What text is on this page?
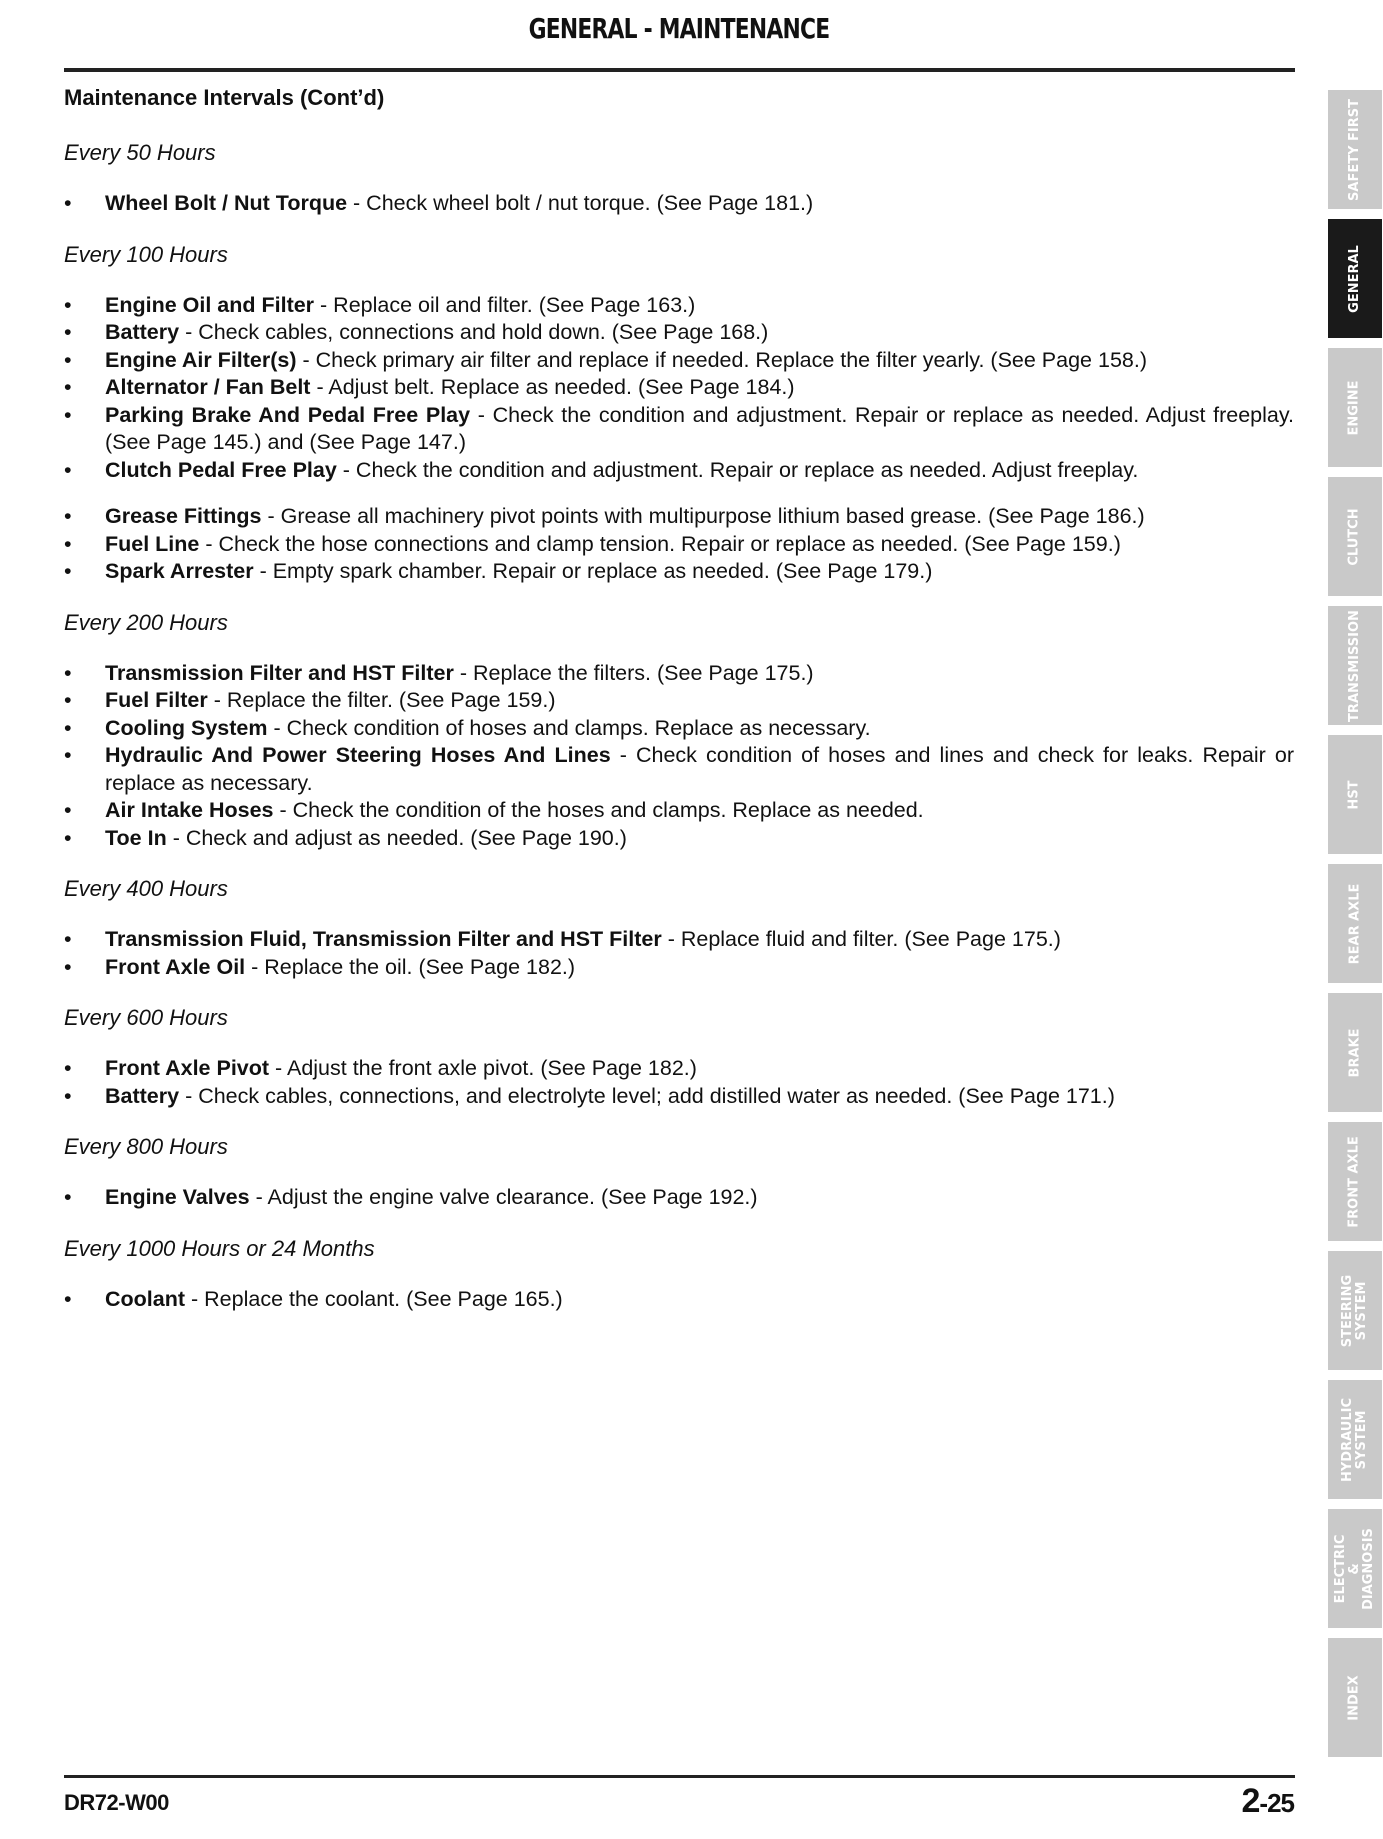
GENERAL - MAINTENANCE
Maintenance Intervals (Cont’d)
Every 50 Hours
• Wheel Bolt / Nut Torque - Check wheel bolt / nut torque. (See Page 181.)
Every 100 Hours
• Engine Oil and Filter - Replace oil and filter. (See Page 163.)
• Battery - Check cables, connections and hold down. (See Page 168.)
• Engine Air Filter(s) - Check primary air filter and replace if needed. Replace the filter yearly. (See Page 158.)
• Alternator / Fan Belt - Adjust belt. Replace as needed. (See Page 184.)
• Parking Brake And Pedal Free Play - Check the condition and adjustment. Repair or replace as needed. Adjust freeplay. (See Page 145.) and (See Page 147.)
• Clutch Pedal Free Play - Check the condition and adjustment. Repair or replace as needed. Adjust freeplay.
• Grease Fittings - Grease all machinery pivot points with multipurpose lithium based grease. (See Page 186.)
• Fuel Line - Check the hose connections and clamp tension. Repair or replace as needed. (See Page 159.)
• Spark Arrester - Empty spark chamber. Repair or replace as needed. (See Page 179.)
Every 200 Hours
• Transmission Filter and HST Filter - Replace the filters. (See Page 175.)
• Fuel Filter - Replace the filter. (See Page 159.)
• Cooling System - Check condition of hoses and clamps. Replace as necessary.
• Hydraulic And Power Steering Hoses And Lines - Check condition of hoses and lines and check for leaks. Repair or replace as necessary.
• Air Intake Hoses - Check the condition of the hoses and clamps. Replace as needed.
• Toe In - Check and adjust as needed. (See Page 190.)
Every 400 Hours
• Transmission Fluid, Transmission Filter and HST Filter - Replace fluid and filter. (See Page 175.)
• Front Axle Oil - Replace the oil. (See Page 182.)
Every 600 Hours
• Front Axle Pivot - Adjust the front axle pivot. (See Page 182.)
• Battery - Check cables, connections, and electrolyte level; add distilled water as needed. (See Page 171.)
Every 800 Hours
• Engine Valves - Adjust the engine valve clearance. (See Page 192.)
Every 1000 Hours or 24 Months
• Coolant - Replace the coolant. (See Page 165.)
SAFETY FIRST
GENERAL
ENGINE
CLUTCH
TRANSMISSION
HST
REAR AXLE
BRAKE
FRONT AXLE
STEERING SYSTEM
HYDRAULIC SYSTEM
ELECTRIC & DIAGNOSIS
INDEX
DR72-W00	2-25
